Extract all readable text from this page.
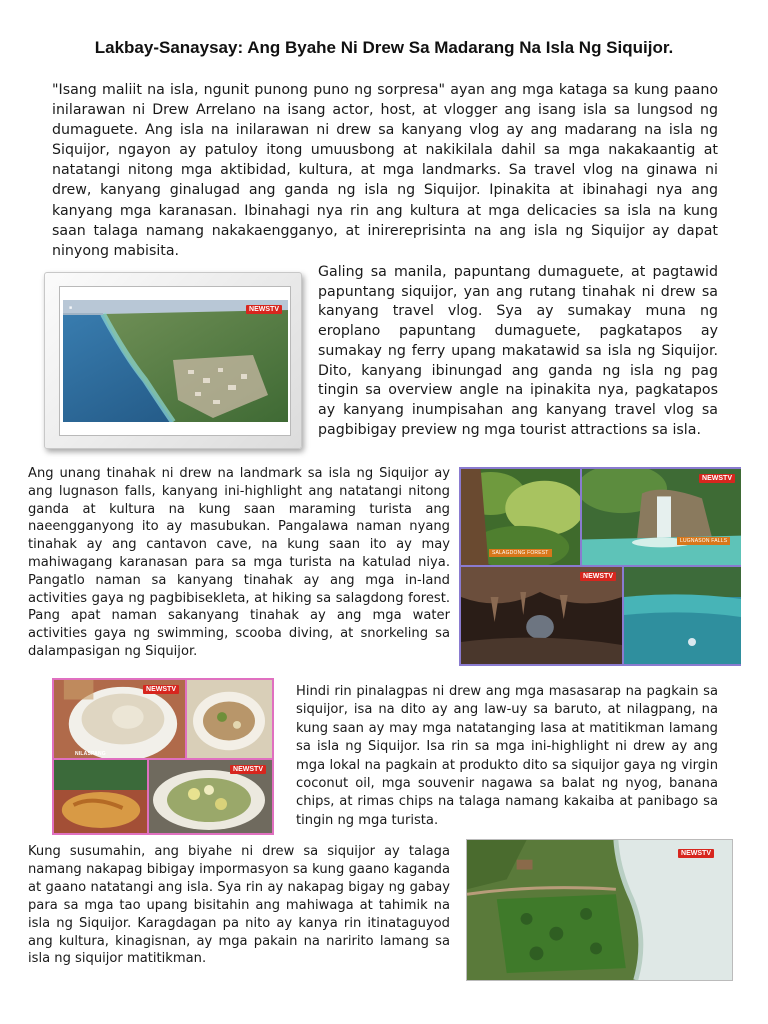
Lakbay-Sanaysay: Ang Byahe Ni Drew Sa Madarang Na Isla Ng Siquijor.

"Isang maliit na isla, ngunit punong puno ng sorpresa" ayan ang mga kataga sa kung paano inilarawan ni Drew Arrelano na isang actor, host, at vlogger ang isang isla sa lungsod ng dumaguete. Ang isla na inilarawan ni drew sa kanyang vlog ay ang madarang na isla ng Siquijor, ngayon ay patuloy itong umuusbong at nakikilala dahil sa mga nakakaantig at natatangi nitong mga aktibidad, kultura, at mga landmarks. Sa travel vlog na ginawa ni drew, kanyang ginalugad ang ganda ng isla ng Siquijor. Ipinakita at ibinahagi nya ang kanyang mga karanasan. Ibinahagi nya rin ang kultura at mga delicacies sa isla na kung saan talaga namang nakakaengganyo, at inirereprisinta na ang isla ng Siquijor ay dapat ninyong mabisita.

■	NEWSTV

Galing sa manila, papuntang dumaguete, at pagtawid papuntang siquijor, yan ang rutang tinahak ni drew sa kanyang travel vlog. Sya ay sumakay muna ng eroplano papuntang dumaguete, pagkatapos ay sumakay ng ferry upang makatawid sa isla ng Siquijor. Dito, kanyang ibinungad ang ganda ng isla ng pag tingin sa overview angle na ipinakita nya, pagkatapos ay kanyang inumpisahan ang kanyang travel vlog sa pagbibigay preview ng mga tourist attractions sa isla.

Ang unang tinahak ni drew na landmark sa isla ng Siquijor ay ang lugnason falls, kanyang ini-highlight ang natatangi nitong ganda at kultura na kung saan maraming turista ang naeengganyong ito ay masubukan. Pangalawa naman nyang tinahak ay ang cantavon cave, na kung saan ito ay may mahiwagang karanasan para sa mga turista na katulad niya. Pangatlo naman sa kanyang tinahak ay ang mga in-land activities gaya ng pagbibisekleta, at hiking sa salagdong forest. Pang apat naman sakanyang tinahak ay ang mga water activities gaya ng swimming, scooba diving, at snorkeling sa dalampasigan ng Siquijor.

SALAGDONG FOREST
NEWSTV
LUGNASON FALLS
NEWSTV
NEWSTV
NILASPANG
NEWSTV

Hindi rin pinalagpas ni drew ang mga masasarap na pagkain sa siquijor, isa na dito ay ang law-uy sa baruto, at nilagpang, na kung saan ay may mga natatanging lasa at matitikman lamang sa isla ng Siquijor. Isa rin sa mga ini-highlight ni drew ay ang mga lokal na pagkain at produkto dito sa siquijor gaya ng virgin coconut oil, mga souvenir nagawa sa balat ng nyog, banana chips, at rimas chips na talaga namang kakaiba at panibago sa tingin ng mga turista.

Kung susumahin, ang biyahe ni drew sa siquijor ay talaga namang nakapag bibigay impormasyon sa kung gaano kaganda at gaano natatangi ang isla. Sya rin ay nakapag bigay ng gabay para sa mga tao upang bisitahin ang mahiwaga at tahimik na isla ng Siquijor. Karagdagan pa nito ay kanya rin itinataguyod ang kultura, kinagisnan, ay mga pakain na naririto lamang sa isla ng siquijor matitikman.

NEWSTV
